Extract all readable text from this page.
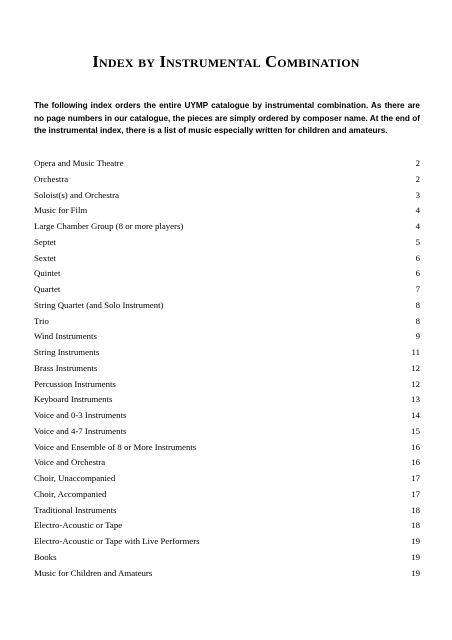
Index by Instrumental Combination
The following index orders the entire UYMP catalogue by instrumental combination. As there are no page numbers in our catalogue, the pieces are simply ordered by composer name. At the end of the instrumental index, there is a list of music especially written for children and amateurs.
Opera and Music Theatre	2
Orchestra	2
Soloist(s) and Orchestra	3
Music for Film	4
Large Chamber Group (8 or more players)	4
Septet	5
Sextet	6
Quintet	6
Quartet	7
String Quartet (and Solo Instrument)	8
Trio	8
Wind Instruments	9
String Instruments	11
Brass Instruments	12
Percussion Instruments	12
Keyboard Instruments	13
Voice and 0-3 Instruments	14
Voice and 4-7 Instruments	15
Voice and Ensemble of 8 or More Instruments	16
Voice and Orchestra	16
Choir, Unaccompanied	17
Choir, Accompanied	17
Traditional Instruments	18
Electro-Acoustic or Tape	18
Electro-Acoustic or Tape with Live Performers	19
Books	19
Music for Children and Amateurs	19
